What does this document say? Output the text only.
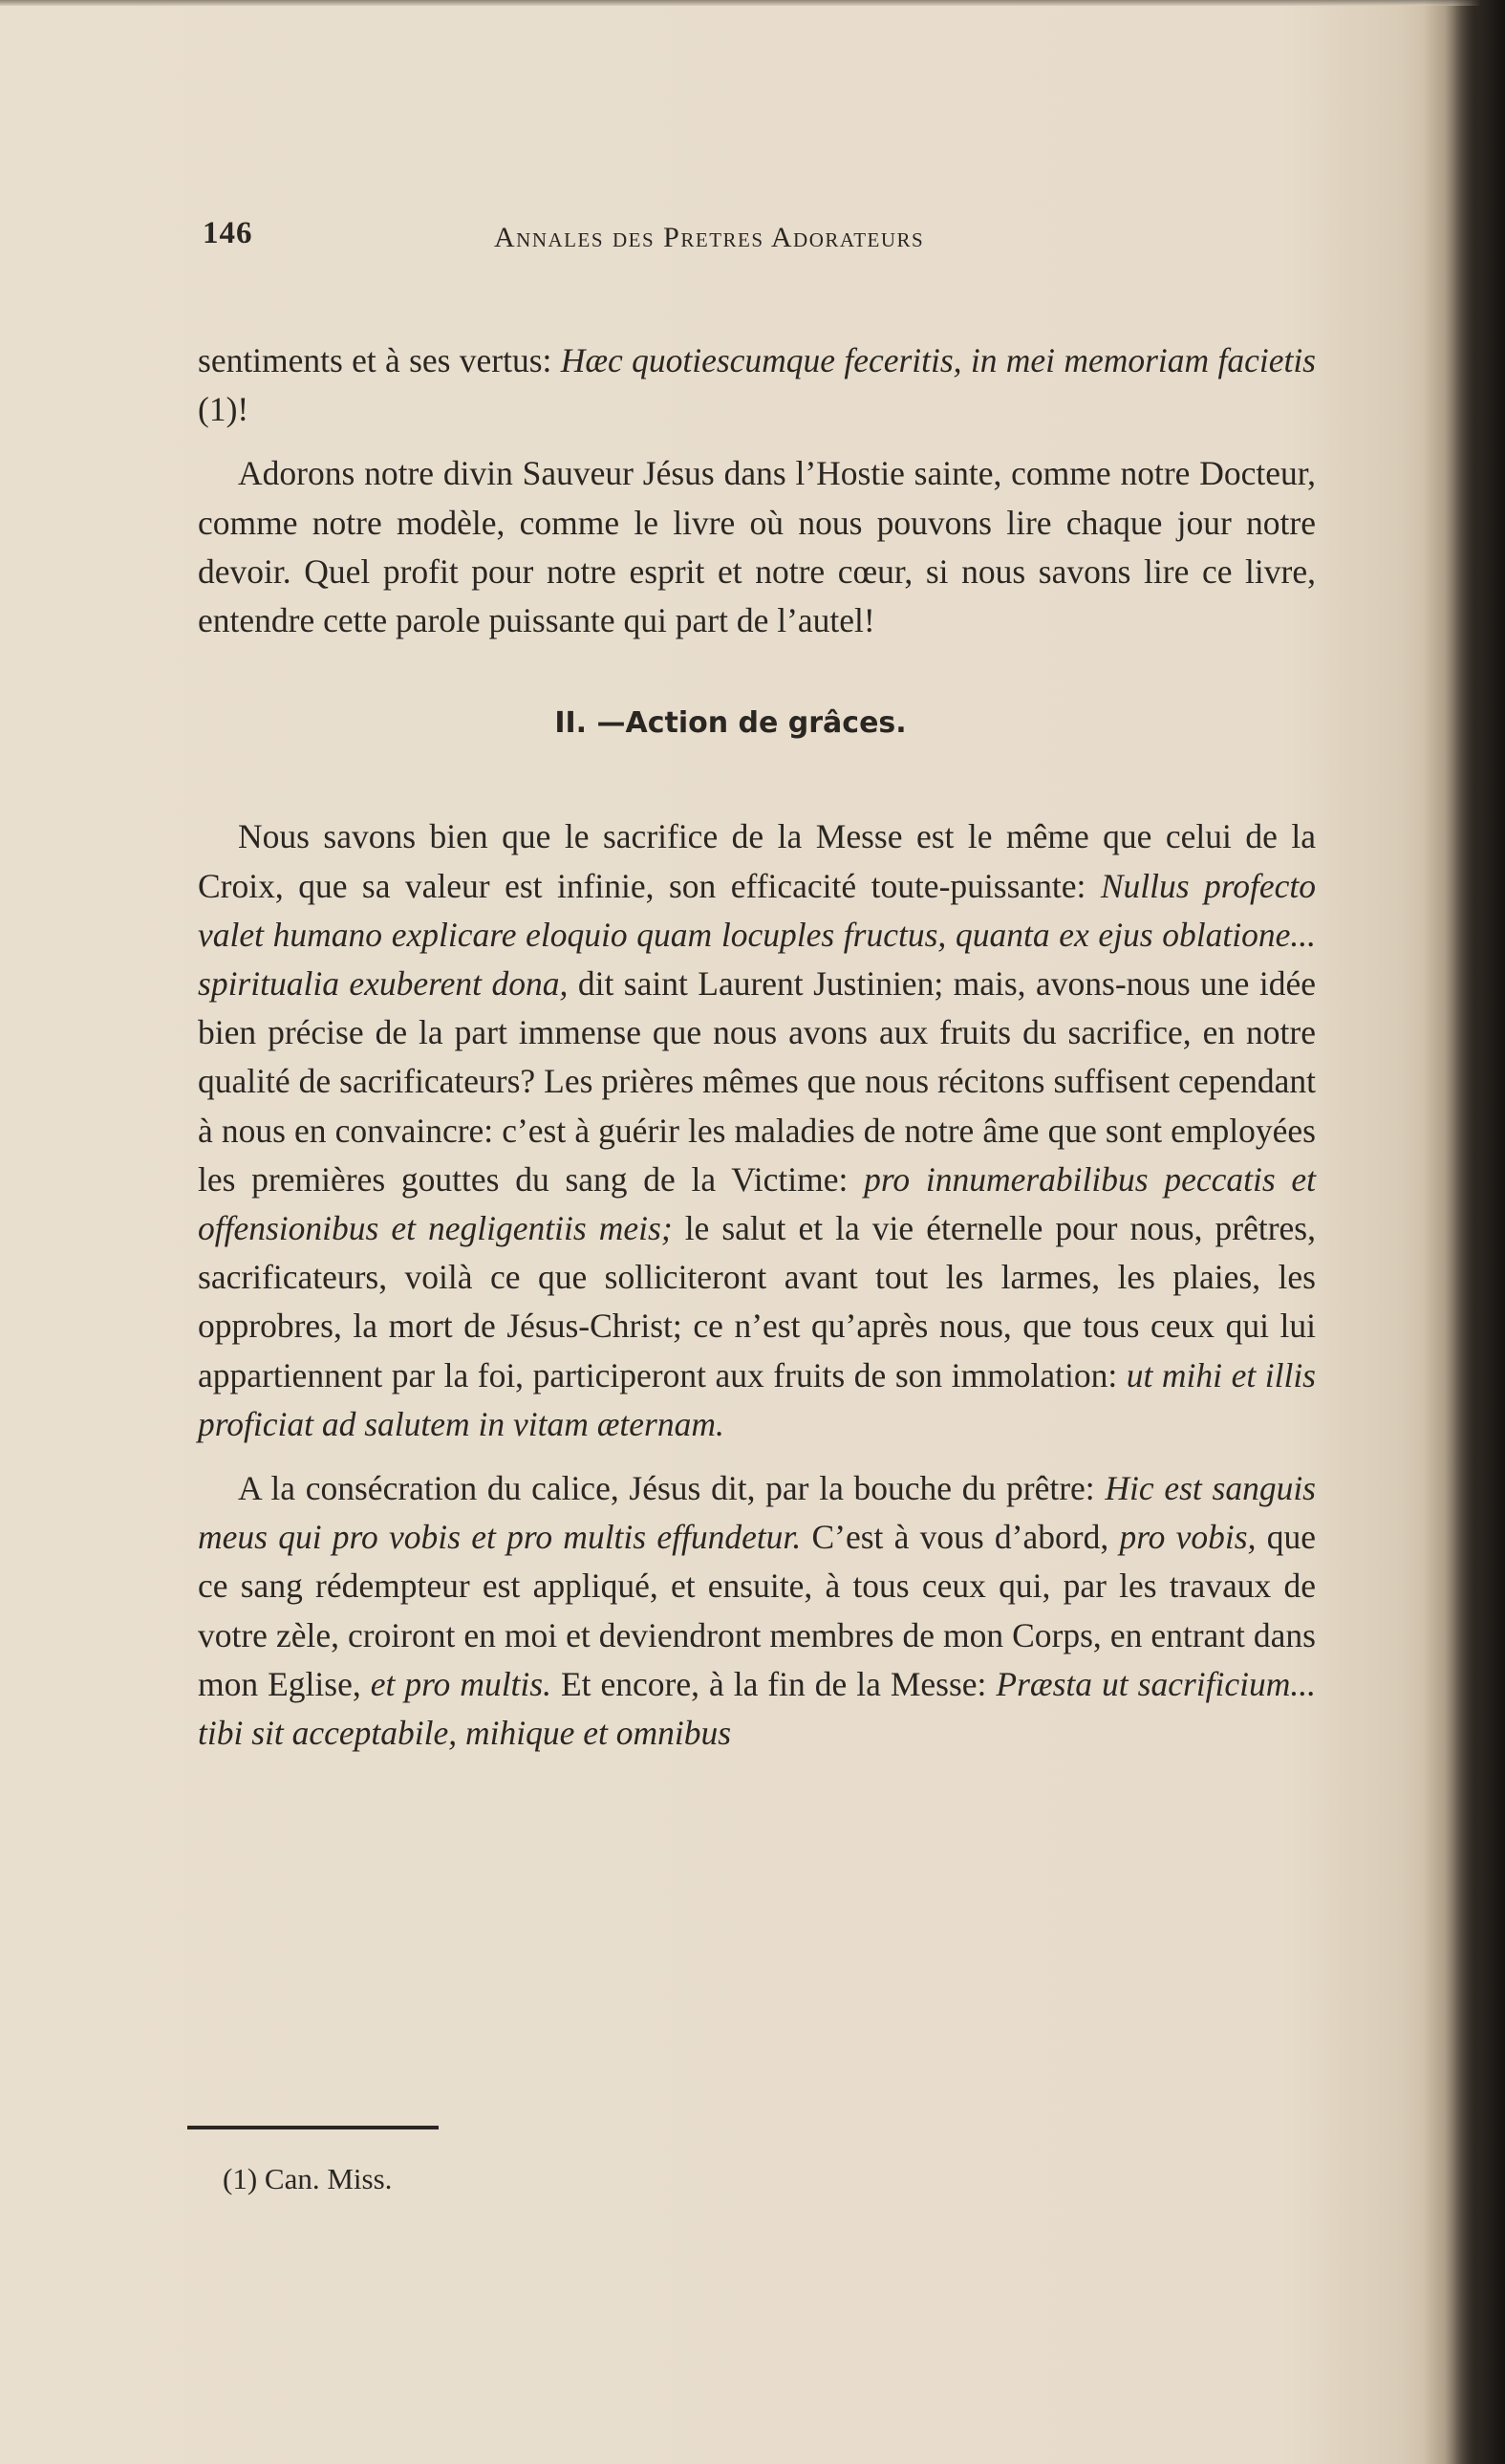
146	Annales des Pretres Adorateurs

sentiments et à ses vertus: Hæc quotiescumque feceritis, in mei memoriam facietis (1)!

Adorons notre divin Sauveur Jésus dans l’Hostie sainte, comme notre Docteur, comme notre modèle, comme le livre où nous pouvons lire chaque jour notre devoir. Quel profit pour notre esprit et notre cœur, si nous savons lire ce livre, entendre cette parole puissante qui part de l’autel!

II. —Action de grâces.

Nous savons bien que le sacrifice de la Messe est le même que celui de la Croix, que sa valeur est infinie, son efficacité toute-puissante: Nullus profecto valet humano explicare eloquio quam locuples fructus, quanta ex ejus oblatione... spiritualia exuberent dona, dit saint Laurent Justinien; mais, avons-nous une idée bien précise de la part immense que nous avons aux fruits du sacrifice, en notre qualité de sacrificateurs? Les prières mêmes que nous récitons suffisent cependant à nous en convaincre: c’est à guérir les maladies de notre âme que sont employées les premières gouttes du sang de la Victime: pro innumerabilibus peccatis et offensionibus et negligentiis meis; le salut et la vie éternelle pour nous, prêtres, sacrificateurs, voilà ce que solliciteront avant tout les larmes, les plaies, les opprobres, la mort de Jésus-Christ; ce n’est qu’après nous, que tous ceux qui lui appartiennent par la foi, participeront aux fruits de son immolation: ut mihi et illis proficiat ad salutem in vitam æternam.

A la consécration du calice, Jésus dit, par la bouche du prêtre: Hic est sanguis meus qui pro vobis et pro multis effundetur. C’est à vous d’abord, pro vobis, que ce sang rédempteur est appliqué, et ensuite, à tous ceux qui, par les travaux de votre zèle, croiront en moi et deviendront membres de mon Corps, en entrant dans mon Eglise, et pro multis. Et encore, à la fin de la Messe: Præsta ut sacrificium... tibi sit acceptabile, mihique et omnibus

(1) Can. Miss.
